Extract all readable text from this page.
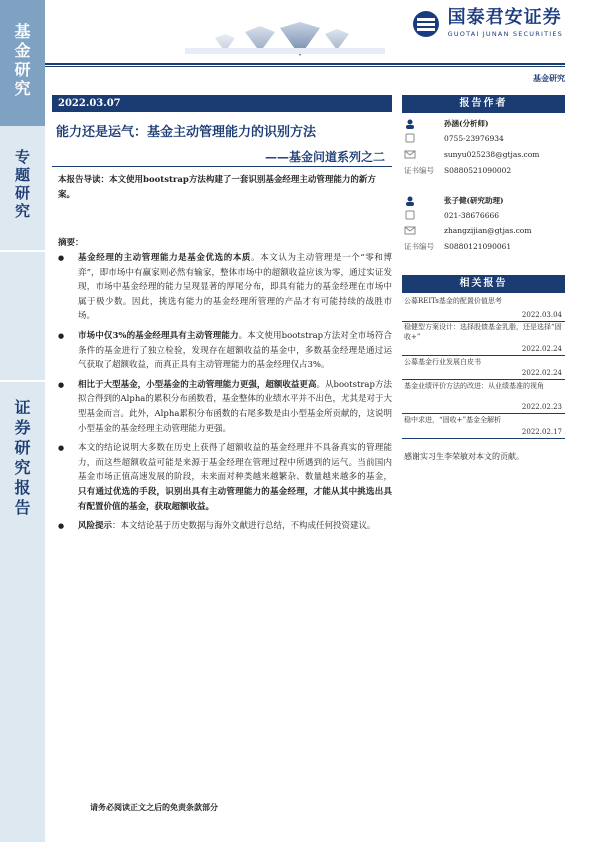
基
金
研
究
专
题
研
究
证
券
研
究
报
告
国泰君安证券
GUOTAI JUNAN SECURITIES
基金研究
2022.03.07
能力还是运气：基金主动管理能力的识别方法
——基金问道系列之二
本报告导读：本文使用bootstrap方法构建了一套识别基金经理主动管理能力的新方案。
摘要：
● 基金经理的主动管理能力是基金优选的本质。本文认为主动管理是一个“零和博弈”，即市场中有赢家则必然有输家，整体市场中的超额收益应该为零，通过实证发现，市场中基金经理的能力呈现显著的厚尾分布，即具有能力的基金经理在市场中属于极少数。因此，挑选有能力的基金经理所管理的产品才有可能持续的战胜市场。
● 市场中仅3%的基金经理具有主动管理能力。本文使用bootstrap方法对全市场符合条件的基金进行了独立检验，发现存在超额收益的基金中，多数基金经理是通过运气获取了超额收益，而真正具有主动管理能力的基金经理仅占3%。
● 相比于大型基金，小型基金的主动管理能力更强，超额收益更高。从bootstrap方法拟合得到的Alpha的累积分布函数看，基金整体的业绩水平并不出色，尤其是对于大型基金而言。此外，Alpha累积分布函数的右尾多数是由小型基金所贡献的，这说明小型基金的基金经理主动管理能力更强。
● 本文的结论说明大多数在历史上获得了超额收益的基金经理并不具备真实的管理能力，而这些超额收益可能是来源于基金经理在管理过程中所遇到的运气。当前国内基金市场正值高速发展的阶段，未来面对种类越来越繁杂、数量越来越多的基金，只有通过优选的手段，识别出具有主动管理能力的基金经理，才能从其中挑选出具有配置价值的基金，获取超额收益。
● 风险提示：本文结论基于历史数据与海外文献进行总结，不构成任何投资建议。
请务必阅读正文之后的免责条款部分
报告作者
孙涵(分析师)
0755-23976934
sunyu025238@gtjas.com
证书编号	S0880521090002
张子健(研究助理)
021-38676666
zhangzijian@gtjas.com
证书编号	S0880121090061
相关报告
公募REITs基金的配置价值思考
2022.03.04
稳健型方案设计：选择股债基金乳脂，还是选择“固收+”
2022.02.24
公募基金行业发展白皮书
2022.02.24
基金业绩评价方法的改进：从业绩基准的视角
2022.02.23
稳中求进，“固收+”基金全解析
2022.02.17
感谢实习生李荣敏对本文的贡献。
